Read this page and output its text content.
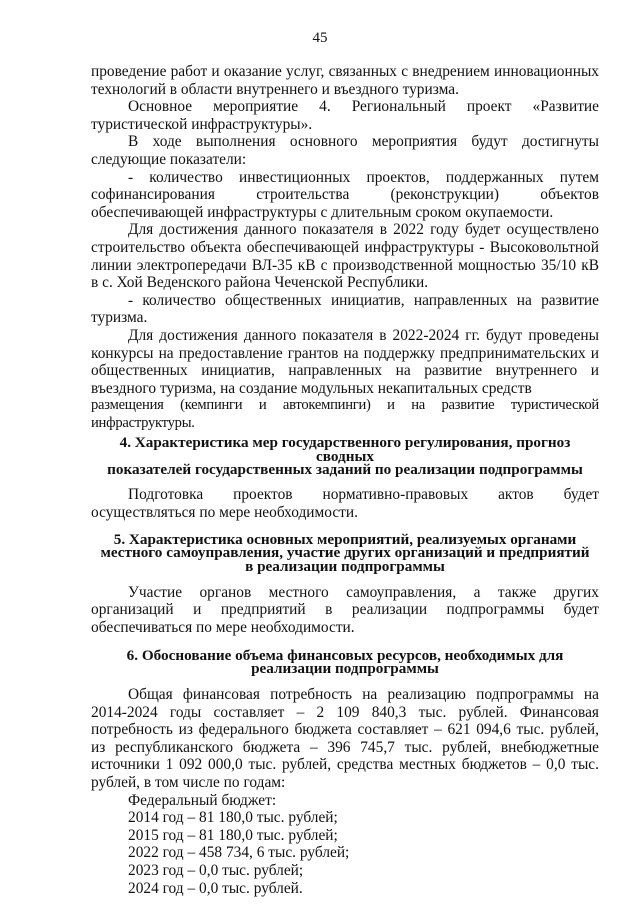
45

проведение работ и оказание услуг, связанных с внедрением инновационных технологий в области внутреннего и въездного туризма.

Основное мероприятие 4. Региональный проект «Развитие туристической инфраструктуры».

В ходе выполнения основного мероприятия будут достигнуты следующие показатели:

- количество инвестиционных проектов, поддержанных путем софинансирования строительства (реконструкции) объектов обеспечивающей инфраструктуры с длительным сроком окупаемости.

Для достижения данного показателя в 2022 году будет осуществлено строительство объекта обеспечивающей инфраструктуры - Высоковольтной линии электропередачи ВЛ-35 кВ с производственной мощностью 35/10 кВ в с. Хой Веденского района Чеченской Республики.

- количество общественных инициатив, направленных на развитие туризма.

Для достижения данного показателя в 2022-2024 гг. будут проведены конкурсы на предоставление грантов на поддержку предпринимательских и общественных инициатив, направленных на развитие внутреннего и въездного туризма, на создание модульных некапитальных средств

размещения (кемпинги и автокемпинги) и на развитие туристической инфраструктуры.

4. Характеристика мер государственного регулирования, прогноз сводных
показателей государственных заданий по реализации подпрограммы

Подготовка проектов нормативно-правовых актов будет осуществляться по мере необходимости.

5. Характеристика основных мероприятий, реализуемых органами
местного самоуправления, участие других организаций и предприятий
в реализации подпрограммы

Участие органов местного самоуправления, а также других организаций и предприятий в реализации подпрограммы будет обеспечиваться по мере необходимости.

6. Обоснование объема финансовых ресурсов, необходимых для
реализации подпрограммы

Общая финансовая потребность на реализацию подпрограммы на 2014-2024 годы составляет – 2 109 840,3 тыс. рублей. Финансовая потребность из федерального бюджета составляет – 621 094,6 тыс. рублей, из республиканского бюджета – 396 745,7 тыс. рублей, внебюджетные источники 1 092 000,0 тыс. рублей, средства местных бюджетов – 0,0 тыс. рублей, в том числе по годам:

Федеральный бюджет:

2014 год – 81 180,0 тыс. рублей;

2015 год – 81 180,0 тыс. рублей;

2022 год – 458 734, 6 тыс. рублей;

2023 год – 0,0 тыс. рублей;

2024 год – 0,0 тыс. рублей.
